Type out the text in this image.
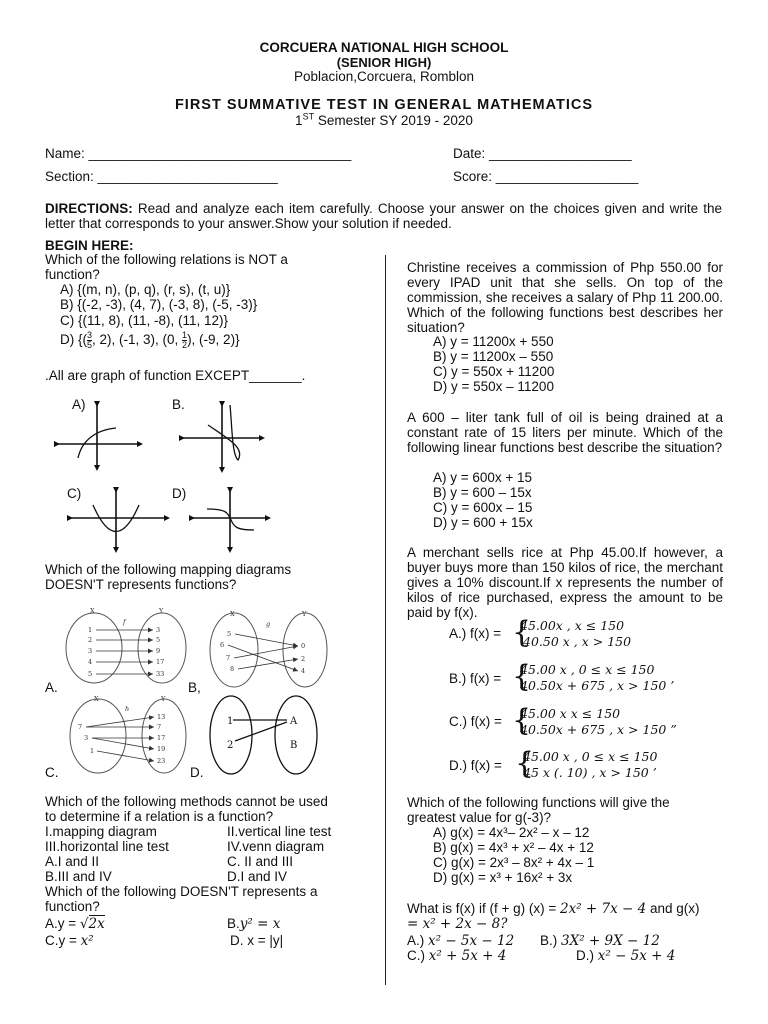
CORCUERA NATIONAL HIGH SCHOOL
(SENIOR HIGH)
Poblacion,Corcuera, Romblon
FIRST SUMMATIVE TEST IN GENERAL MATHEMATICS
1ST Semester SY 2019 - 2020
Name: ___________________________________	Date: ___________________
Section: ________________________	Score: ___________________
DIRECTIONS: Read and analyze each item carefully. Choose your answer on the choices given and write the letter that corresponds to your answer.Show your solution if needed.
BEGIN HERE:
Which of the following relations is NOT a
function?
A) {(m, n), (p, q), (r, s), (t, u)}
B) {(-2, -3), (4, 7), (-3, 8), (-5, -3)}
C) {(11, 8), (11, -8), (11, 12)}
D) {( $\frac{3}{5}$ , 2), (-1, 3), (0, $\frac{1}{2}$ ), (-9, 2)}
.All are graph of function EXCEPT_______.
A)	B.
C)	D)
Which of the following mapping diagrams
DOESN'T represents functions?
A.	B,
C.	D.
X	Y
f
1
2
3
4
5
3
5
9
17
33
X	Y
g
5
6
7
8
0
2
4
X	Y
h
7
3
1
13
7
17
19
23
1
2
A
B
Which of the following methods cannot be used
to determine if a relation is a function?
I.mapping diagram	II.vertical line test
III.horizontal line test	IV.venn diagram
A.I and II	C. II and III
B.III and IV	D.I and IV
Which of the following DOESN'T represents a
function?
A.y = √2x	B.y² = x
C.y = x²	D. x = |y|
Christine receives a commission of Php 550.00 for every IPAD unit that she sells. On top of the commission, she receives a salary of Php 11 200.00. Which of the following functions best describes her situation?
A) y = 11200x + 550
B) y = 11200x – 550
C) y = 550x + 11200
D) y = 550x – 11200
A 600 – liter tank full of oil is being drained at a constant rate of 15 liters per minute. Which of the following linear functions best describe the situation?
A) y = 600x + 15
B) y = 600 – 15x
C) y = 600x – 15
D) y = 600 + 15x
A merchant sells rice at Php 45.00.If however, a buyer buys more than 150 kilos of rice, the merchant gives a 10% discount.If x represents the number of kilos of rice purchased, express the amount to be paid by f(x).
A.) f(x) =
45.00x , x ≤ 150
40.50 x , x > 150
B.) f(x) =
45.00 x , 0 ≤ x ≤ 150
40.50x + 675 , x > 150 ’
C.) f(x) =
45.00 x x ≤ 150
40.50x + 675 , x > 150 ”
D.) f(x) =
45.00 x , 0 ≤ x ≤ 150
45 x (. 10) , x > 150 ’
Which of the following functions will give the
greatest value for g(-3)?
A) g(x) = 4x³– 2x² – x – 12
B) g(x) = 4x³ + x² – 4x + 12
C) g(x) = 2x³ – 8x² + 4x – 1
D) g(x) = x³ + 16x² + 3x
What is f(x) if (f + g) (x) = 2x² + 7x − 4 and g(x)
= x² + 2x − 8?
A.) x² − 5x − 12 B.) 3X² + 9X − 12
C.) x² + 5x + 4	D.) x² − 5x + 4
{
{
{
{
